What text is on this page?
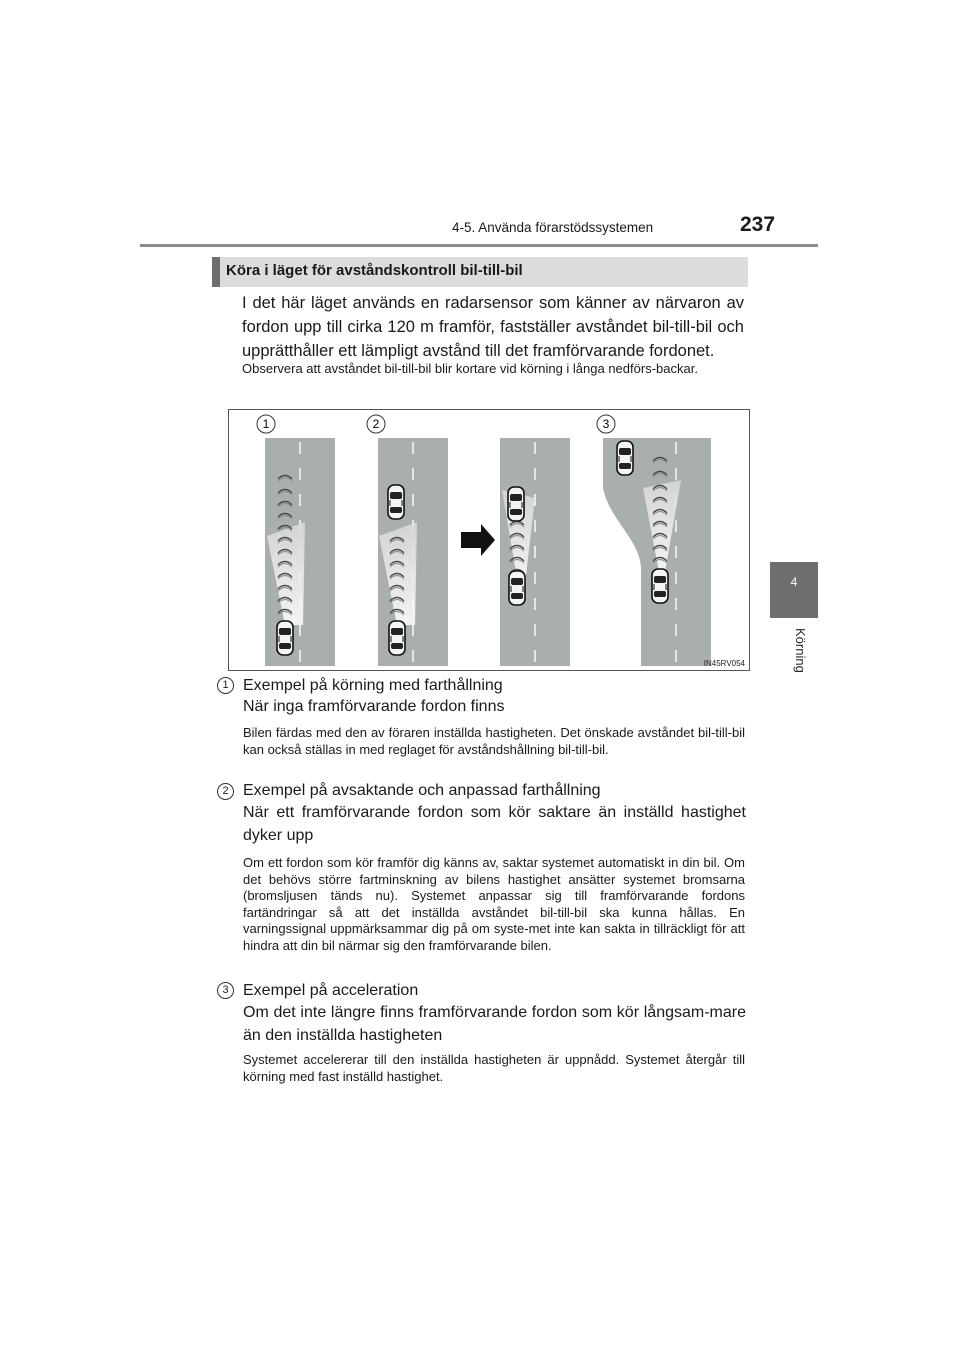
4-5. Använda förarstödssystemen	237
4
Körning
Köra i läget för avståndskontroll bil-till-bil
I det här läget används en radarsensor som känner av närvaron av fordon upp till cirka 120 m framför, fastställer avståndet bil-till-bil och upprätthåller ett lämpligt avstånd till det framförvarande fordonet.
Observera att avståndet bil-till-bil blir kortare vid körning i långa nedförs-backar.
1	2	3
IN45RV054
1 Exempel på körning med farthållning
När inga framförvarande fordon finns
Bilen färdas med den av föraren inställda hastigheten. Det önskade avståndet bil-till-bil kan också ställas in med reglaget för avståndshållning bil-till-bil.
2 Exempel på avsaktande och anpassad farthållning
När ett framförvarande fordon som kör saktare än inställd hastighet dyker upp
Om ett fordon som kör framför dig känns av, saktar systemet automatiskt in din bil. Om det behövs större fartminskning av bilens hastighet ansätter systemet bromsarna (bromsljusen tänds nu). Systemet anpassar sig till framförvarande fordons fartändringar så att det inställda avståndet bil-till-bil ska kunna hållas. En varningssignal uppmärksammar dig på om syste-met inte kan sakta in tillräckligt för att hindra att din bil närmar sig den framförvarande bilen.
3 Exempel på acceleration
Om det inte längre finns framförvarande fordon som kör långsam-mare än den inställda hastigheten
Systemet accelererar till den inställda hastigheten är uppnådd. Systemet återgår till körning med fast inställd hastighet.
